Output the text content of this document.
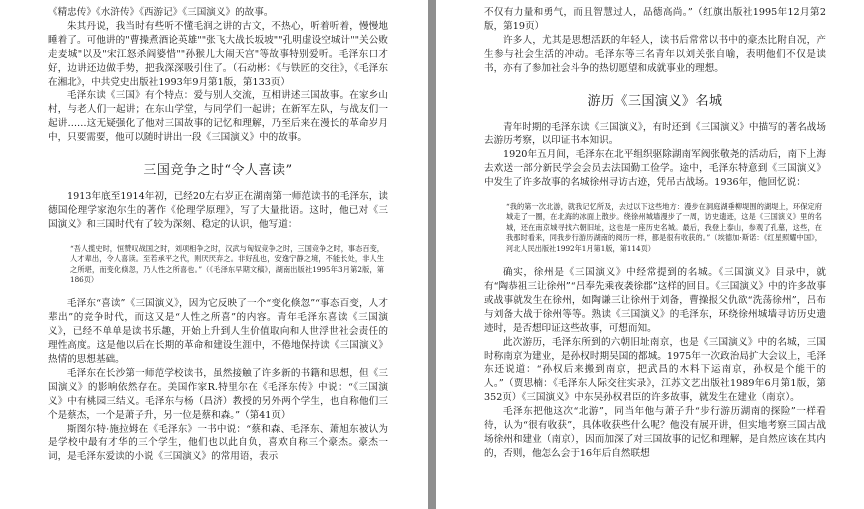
《精忠传》《水浒传》《西游记》《三国演义》的故事。

朱其丹说，我当时有些听不懂毛润之讲的古文，不热心，听着听着，慢慢地睡着了。可他讲的"曹操煮酒论英雄""张飞大战长坂坡""孔明虚设空城计""关公败走麦城"以及"宋江怒杀阎婆惜""孙猴儿大闹天宫"等故事特别爱听。毛泽东口才好，边讲还边做手势，把我深深吸引住了。（石动彬：《与铁匠的交往》，《毛泽东在湘北》，中共党史出版社1993年9月第1版，第133页）

毛泽东读《三国》有个特点：爱与别人交流，互相讲述三国故事。在家乡山村，与老人们一起讲；在东山学堂，与同学们一起讲；在新军左队，与战友们一起讲……这无疑强化了他对三国故事的记忆和理解，乃至后来在漫长的革命岁月中，只要需要，他可以随时讲出一段《三国演义》中的故事。

三国竞争之时“令人喜读”

1913年底至1914年初，已经20左右岁正在湖南第一师范读书的毛泽东，读德国伦理学家泡尔生的著作《伦理学原理》，写了大量批语。这时，他已对《三国演义》和三国时代有了较为深刻、稳定的认识，他写道：

“吾人揽史时，恒赞叹战国之时，刘项相争之时，汉武与匈奴竞争之时，三国竞争之时，事态百变，人才辈出，令人喜读。至若承平之代，则厌厌弃之。非好乱也，安逸宁静之境，不能长处，非人生之所堪，而变化倏忽，乃人性之所喜也。”（《毛泽东早期文稿》，湖南出版社1995年3月第2版，第186页）

毛泽东“喜读”《三国演义》，因为它反映了一个“变化倏忽”“事态百变，人才辈出”的竞争时代，而这又是“人性之所喜”的内容。青年毛泽东喜读《三国演义》，已经不单单是读书乐趣，开始上升到人生价值取向和人世浮世社会责任的理性高度。这是他以后在长期的革命和建设生涯中，不倦地保持读《三国演义》热情的思想基础。

毛泽东在长沙第一师范学校读书，虽然接触了许多新的书籍和思想，但《三国演义》的影响依然存在。美国作家R.特里尔在《毛泽东传》中说：“《三国演义》中有桃园三结义。毛泽东与杨（昌济）教授的另外两个学生，也自称他们三个是蔡杰，一个是萧子升，另一位是蔡和森。”（第41页）

斯图尔特·施拉姆在《毛泽东》一书中说：“蔡和森、毛泽东、萧旭东被认为是学校中最有才华的三个学生，他们也以此自负，喜欢自称三个豪杰。豪杰一词，是毛泽东爱读的小说《三国演义》的常用语，表示

不仅有力量和勇气，而且智慧过人，品德高尚。”（红旗出版社1995年12月第2版，第19页）

许多人，尤其是思想活跃的年轻人，读书后常常以书中的豪杰比附自况，产生参与社会生活的冲动。毛泽东等三名青年以刘关张自喻，表明他们不仅是读书，亦有了参加社会斗争的热切愿望和成就事业的理想。

游历《三国演义》名城

青年时期的毛泽东读《三国演义》，有时还到《三国演义》中描写的著名战场去游历考察，以印证书本知识。

1920年五月间，毛泽东在北平组织驱除湖南军阀张敬尧的活动后，南下上海去欢送一部分新民学会会员去法国勤工俭学。途中，毛泽东特意到《三国演义》中发生了许多故事的名城徐州寻访古迹，凭吊古战场。1936年，他回忆说：

“我的第一次北游，就我记忆所及，去过以下这些地方：漫步在洞庭湖垂柳堤围的湖堤上，环保定府城走了一圈，在北海的冰面上散步。绕徐州城墙漫步了一周，访史遗迹，这是《三国演义》里的名城，还在南京城寻找六朝旧址，这也是一座历史名城。最后，我登上泰山，参观了孔墓，这些，在我那时看来，同我步行游历湖南的阅历一样，都是很有收获的。”（埃德加·斯诺：《红星照耀中国》，河北人民出版社1992年1月第1版，第114页）

确实，徐州是《三国演义》中经常提到的名城。《三国演义》目录中，就有“陶恭祖三让徐州”“吕奉先乘夜袭徐郡”这样的回目。《三国演义》中的许多故事或战事就发生在徐州，如陶谦三让徐州于刘备，曹操报父仇欲“洗荡徐州”，吕布与刘备大战于徐州等等。熟读《三国演义》的毛泽东，环绕徐州城墙寻访历史遗迹时，是否想印证这些故事，可想而知。

此次游历，毛泽东所到的六朝旧址南京，也是《三国演义》中的名城，三国时称南京为建业，是孙权时期吴国的都城。1975年一次政治局扩大会议上，毛泽东还说道：“孙权后来搬到南京，把武昌的木料下运南京，孙权是个能干的人。”（贾思楠：《毛泽东人际交往实录》，江苏文艺出版社1989年6月第1版，第352页）《三国演义》中东吴孙权君臣的许多故事，就发生在建业（南京）。

毛泽东把他这次“北游”，同当年他与萧子升“步行游历湖南的探险”一样看待，认为“很有收获”，具体收获些什么呢？他没有展开讲，但实地考察三国古战场徐州和建业（南京），因而加深了对三国故事的记忆和理解，是自然应该在其内的，否则，他怎么会于16年后自然联想
